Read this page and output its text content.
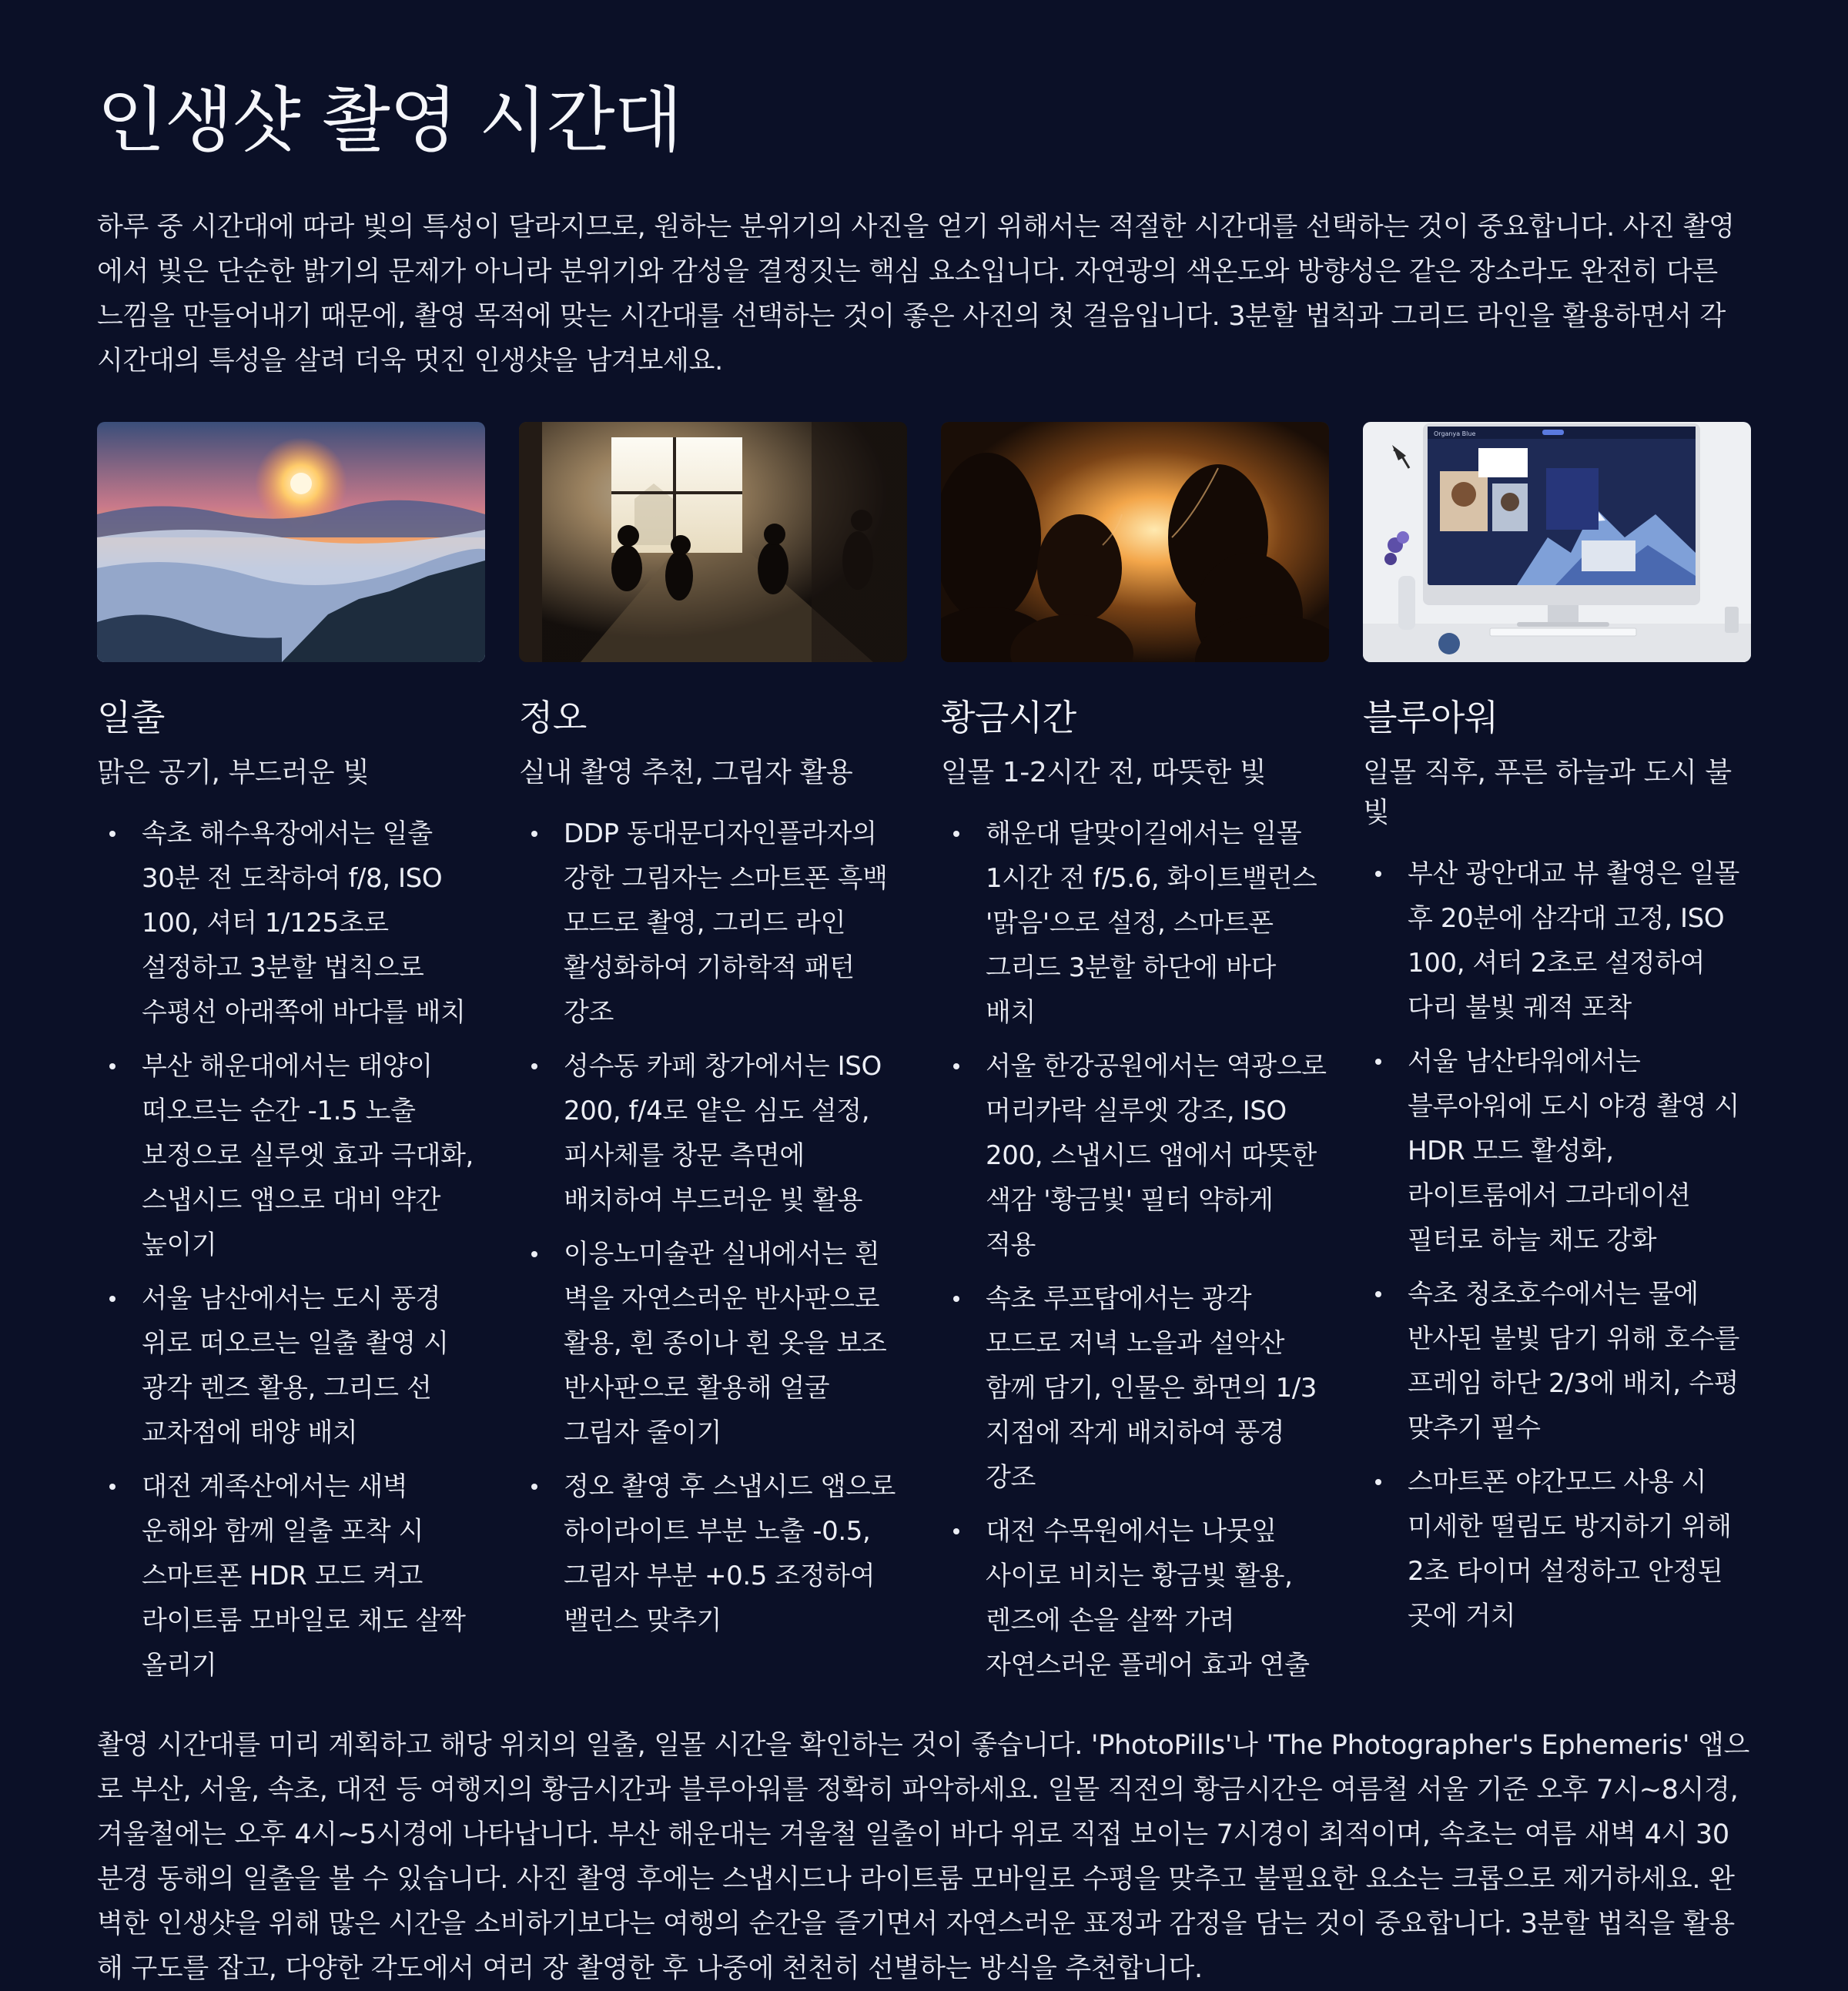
인생샷 촬영 시간대

하루 중 시간대에 따라 빛의 특성이 달라지므로, 원하는 분위기의 사진을 얻기 위해서는 적절한 시간대를 선택하는 것이 중요합니다. 사진 촬영에서 빛은 단순한 밝기의 문제가 아니라 분위기와 감성을 결정짓는 핵심 요소입니다. 자연광의 색온도와 방향성은 같은 장소라도 완전히 다른 느낌을 만들어내기 때문에, 촬영 목적에 맞는 시간대를 선택하는 것이 좋은 사진의 첫 걸음입니다. 3분할 법칙과 그리드 라인을 활용하면서 각 시간대의 특성을 살려 더욱 멋진 인생샷을 남겨보세요.

일출

맑은 공기, 부드러운 빛

속초 해수욕장에서는 일출 30분 전 도착하여 f/8, ISO 100, 셔터 1/125초로 설정하고 3분할 법칙으로 수평선 아래쪽에 바다를 배치
부산 해운대에서는 태양이 떠오르는 순간 -1.5 노출 보정으로 실루엣 효과 극대화, 스냅시드 앱으로 대비 약간 높이기
서울 남산에서는 도시 풍경 위로 떠오르는 일출 촬영 시 광각 렌즈 활용, 그리드 선 교차점에 태양 배치
대전 계족산에서는 새벽 운해와 함께 일출 포착 시 스마트폰 HDR 모드 켜고 라이트룸 모바일로 채도 살짝 올리기
정오

실내 촬영 추천, 그림자 활용

DDP 동대문디자인플라자의 강한 그림자는 스마트폰 흑백 모드로 촬영, 그리드 라인 활성화하여 기하학적 패턴 강조
성수동 카페 창가에서는 ISO 200, f/4로 얕은 심도 설정, 피사체를 창문 측면에 배치하여 부드러운 빛 활용
이응노미술관 실내에서는 흰 벽을 자연스러운 반사판으로 활용, 흰 종이나 흰 옷을 보조 반사판으로 활용해 얼굴 그림자 줄이기
정오 촬영 후 스냅시드 앱으로 하이라이트 부분 노출 -0.5, 그림자 부분 +0.5 조정하여 밸런스 맞추기
황금시간

일몰 1-2시간 전, 따뜻한 빛

해운대 달맞이길에서는 일몰 1시간 전 f/5.6, 화이트밸런스 '맑음'으로 설정, 스마트폰 그리드 3분할 하단에 바다 배치
서울 한강공원에서는 역광으로 머리카락 실루엣 강조, ISO 200, 스냅시드 앱에서 따뜻한 색감 '황금빛' 필터 약하게 적용
속초 루프탑에서는 광각 모드로 저녁 노을과 설악산 함께 담기, 인물은 화면의 1/3 지점에 작게 배치하여 풍경 강조
대전 수목원에서는 나뭇잎 사이로 비치는 황금빛 활용, 렌즈에 손을 살짝 가려 자연스러운 플레어 효과 연출
Organya Blue
블루아워

일몰 직후, 푸른 하늘과 도시 불빛

부산 광안대교 뷰 촬영은 일몰 후 20분에 삼각대 고정, ISO 100, 셔터 2초로 설정하여 다리 불빛 궤적 포착
서울 남산타워에서는 블루아워에 도시 야경 촬영 시 HDR 모드 활성화, 라이트룸에서 그라데이션 필터로 하늘 채도 강화
속초 청초호수에서는 물에 반사된 불빛 담기 위해 호수를 프레임 하단 2/3에 배치, 수평 맞추기 필수
스마트폰 야간모드 사용 시 미세한 떨림도 방지하기 위해 2초 타이머 설정하고 안정된 곳에 거치

촬영 시간대를 미리 계획하고 해당 위치의 일출, 일몰 시간을 확인하는 것이 좋습니다. 'PhotoPills'나 'The Photographer's Ephemeris' 앱으로 부산, 서울, 속초, 대전 등 여행지의 황금시간과 블루아워를 정확히 파악하세요. 일몰 직전의 황금시간은 여름철 서울 기준 오후 7시~8시경, 겨울철에는 오후 4시~5시경에 나타납니다. 부산 해운대는 겨울철 일출이 바다 위로 직접 보이는 7시경이 최적이며, 속초는 여름 새벽 4시 30분경 동해의 일출을 볼 수 있습니다. 사진 촬영 후에는 스냅시드나 라이트룸 모바일로 수평을 맞추고 불필요한 요소는 크롭으로 제거하세요. 완벽한 인생샷을 위해 많은 시간을 소비하기보다는 여행의 순간을 즐기면서 자연스러운 표정과 감정을 담는 것이 중요합니다. 3분할 법칙을 활용해 구도를 잡고, 다양한 각도에서 여러 장 촬영한 후 나중에 천천히 선별하는 방식을 추천합니다.
